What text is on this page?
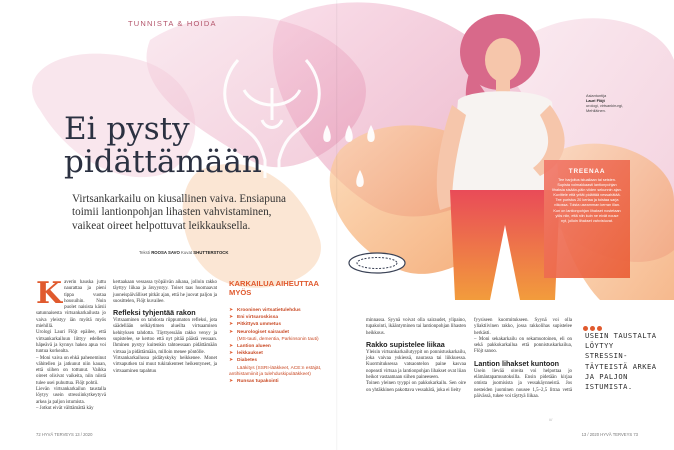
TUNNISTA & HOIDA
Ei pysty
pidättämään

Virtsankarkailu on kiusallinen vaiva. Ensiapuna toimii lantionpohjan lihasten vahvistaminen, vaikeat oireet helpottuvat leikkauksella.

Teksti ROOSA SAVO Kuvat SHUTTERSTOCK
Asiantuntija
Lauri Flöjt
urologi, virtsankirurgi,
Mehiläinen.

TREENAA

Tee harjoitus istuallaan tai seisten. Supista voimakkaasti lantionpohjan lihaksia sisään-päin viiden sekunnin ajan. Kuvittele että yrität pidättää vessahätää. Tee puristus 20 kertaa ja toistaa sarja viikossa. Toista useamman kerran illan. Kun on lantionpohjan lihakset nostetaan ylös niin, että niin kuin ne eivät nouse nyt, jolloin lihakset vahvistuvat.

K averin hauska juttu naurattaa ja pieni tippa vuotaa housuihin. Noin puolet naisista kärsii satunnaisesta virtsankarkailusta jo vaiva yleistyy iän myötä myös miehillä.

Urologi Lauri Flöjt epäilee, että virtsankarkailuun liittyy edelleen häpeävä ja kynnys hakea apua voi tuntua korkealta.

– Moni vaiva on ehkä paheneminut vähitellen ja jatkunut niin kauan, että siihen on tottunut. Vaikka oireet olisivat vaikeita, niin niistä tulee usei puhuttua. Flöjt pohtii.

Lievän virtsankarkailun taustalla löytyy usein stressiinkytkeytyvä arkea ja paljon istumista.

– Jotkut eivät välttämättä käy

kertaakaan vessassa työpäivän aikana, jolloin rakko täyttyy liikaa ja ärsyyntyy. Toiset taas huomaavat juoneispäivälliset pitkät ajan, että he juovat paljon ja suosittelen, Flöjt kuvailee.

Refleksi tyhjentää rakon

Virtsaaminen on tahdosta riippumaton refleksi, jota säädellään selkäytimen alueilta virtsaamisen kehityksen tahdotta. Täyttyessään rakko venyy ja supistelee, se kertoo että nyt pitää päästä vessaan. Ihminen pystyy kuitenkin tahtoessaan pidättämään virtsaa ja pidättämään, milloin menee pöntölle.

Virtsankarkailussa pidätyskyky heikkenee. Monet virtsaputken tai muut tukirakenteet heikentyneet, ja virtsaaminen tapahtuu

KARKAILUA AIHEUTTAA MYÖS

➤ Krooninen virtsatietulehdus
➤ Eni virtsaroskissa
➤ Pitkittyvä ummetus
➤ Neurologiset sairaudet
(MS-tauti, dementia, Parkinsonin tauti)
➤ Lantion alueen
➤ leikkaukset
➤ Diabetes
Lääkitys (SSRI-lääkkeet, ACE:n estäjät, antihistamiinit ja tulehduskipulääkkeet)
➤ Runsas tupakointi

minnassa. Syynä voivat olla sairaudet, ylipaino, tupakointi, ikääntyminen tai lantionpohjan lihasten heikkous.

Rakko supistelee liikaa

Yleisin virtsankarkailutyypit on ponnistuskarkailu, joka vaivaa yskiessä, naurassa tai liikkuessa. Kuormituksessa vatsaontelon paine kasvaa nopeasti virtsaa ja lantionpohjan lihakset ovat liian heikot vastaamaan siihen paineeseen.

Toinen yleinen tyyppi on pakkokarkailu. Sen oire on yhtäkkinen pakottava vessahätä, joka ei lieity

fyysiseen kuormitukseen. Syynä voi olla yliaktiivinen rakko, jossa rakkolihas supistelee herkästi.

– Moni sekakarkailu on sekamuotoinen, eli on sekä pakkokarkailua että ponnistuskarkailua, Flöjt sanoo.

Lantion lihakset kuntoon

Usein lievää oireita voi helpottaa jo elämäntapamuutoksilla. Ensin pidetään kirjaa omista juomisista ja vessakäynneistä. Jos nesteiden juominen nousee 1,5–2,5 litraa vettä päivässä, tukee voi täyttyä liikaa.

///

USEIN TAUSTALTA LÖYTYY STRESSIN-TÄYTEISTÄ ARKEA JA PALJON ISTUMISTA.

72 HYVÄ TERVEYS 13 / 2020	13 / 2020 HYVÄ TERVEYS 73
